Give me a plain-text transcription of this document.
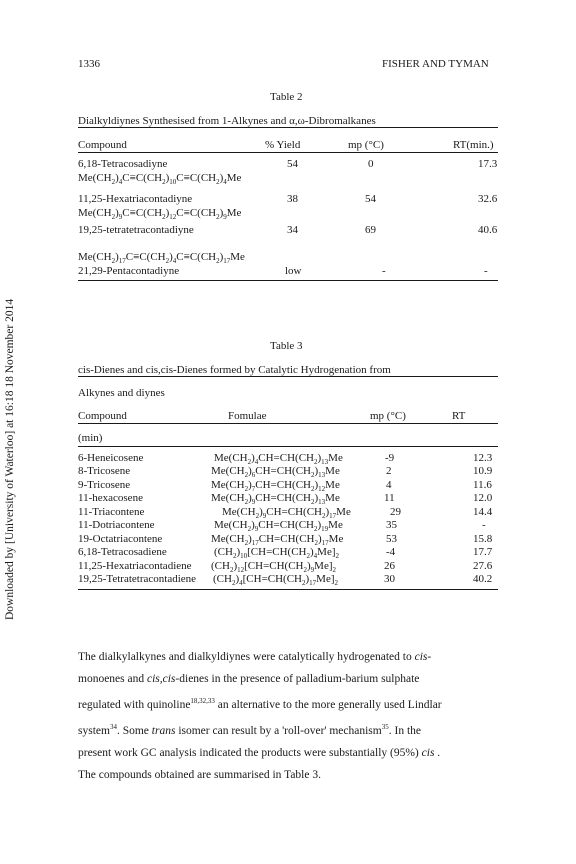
Downloaded by [University of Waterloo] at 16:18 18 November 2014
1336	FISHER AND TYMAN
Table 2
Dialkyldiynes Synthesised from 1-Alkynes and α,ω-Dibromalkanes
Compound	% Yield	mp (°C)	RT(min.)
6,18-Tetracosadiyne	54	0	17.3
$Me(CH_2)_4C\equiv C(CH_2)_{10}C\equiv C(CH_2)_4Me$
11,25-Hexatriacontadiyne	38	54	32.6
$Me(CH_2)_9C\equiv C(CH_2)_{12}C\equiv C(CH_2)_9Me$
19,25-tetratetracontadiyne	34	69	40.6
$Me(CH_2)_{17}C\equiv C(CH_2)_4C\equiv C(CH_2)_{17}Me$
21,29-Pentacontadiyne	low	-	-
Table 3
cis-Dienes and cis,cis-Dienes formed by Catalytic Hydrogenation from
Alkynes and diynes
Compound	Fomulae	mp (°C)	RT
(min)
6-Heneicosene	$Me(CH_2)_4CH=CH(CH_2)_{13}Me$	-9	12.3
8-Tricosene	$Me(CH_2)_6CH=CH(CH_2)_{13}Me$	2	10.9
9-Tricosene	$Me(CH_2)_7CH=CH(CH_2)_{12}Me$	4	11.6
11-hexacosene	$Me(CH_2)_9CH=CH(CH_2)_{13}Me$	11	12.0
11-Triacontene	$Me(CH_2)_9CH=CH(CH_2)_{17}Me$	29	14.4
11-Dotriacontene	$Me(CH_2)_9CH=CH(CH_2)_{19}Me$	35	-
19-Octatriacontene	$Me(CH_2)_{17}CH=CH(CH_2)_{17}Me$	53	15.8
6,18-Tetracosadiene	$(CH_2)_{10}[CH=CH(CH_2)_4Me]_2$	-4	17.7
11,25-Hexatriacontadiene $(CH_2)_{12}[CH=CH(CH_2)_9Me]_2$	26	27.6
19,25-Tetratetracontadiene $(CH_2)_4[CH=CH(CH_2)_{17}Me]_2$	30	40.2

The dialkylalkynes and dialkyldiynes were catalytically hydrogenated to cis-

monoenes and cis,cis-dienes in the presence of palladium-barium sulphate

regulated with quinoline$^{18,32,33}$ an alternative to the more generally used Lindlar

system$^{34}$. Some trans isomer can result by a 'roll-over' mechanism$^{35}$. In the

present work GC analysis indicated the products were substantially (95%) cis .

The compounds obtained are summarised in Table 3.
